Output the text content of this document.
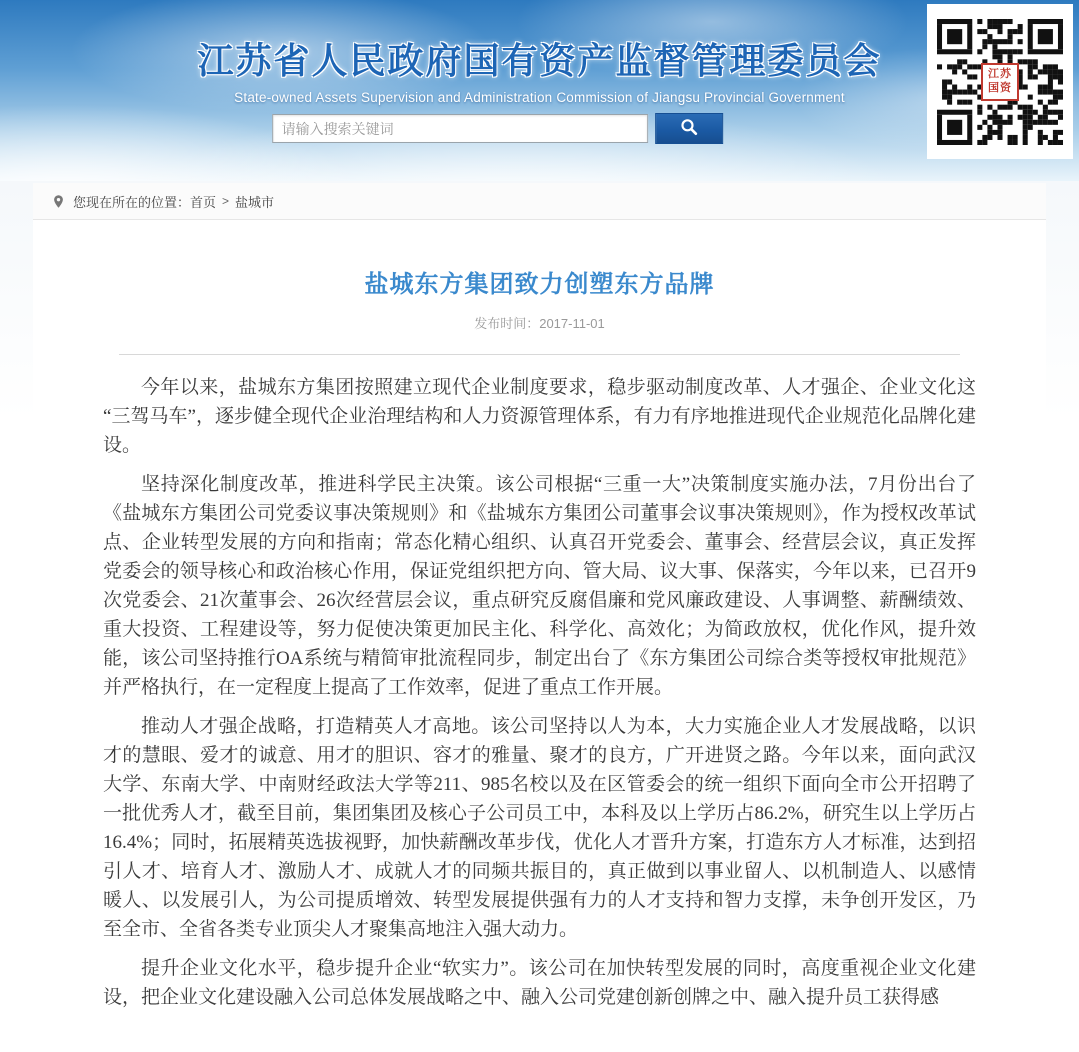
江苏省人民政府国有资产监督管理委员会
State-owned Assets Supervision and Administration Commission of Jiangsu Provincial Government
请输入搜索关键词
江苏国资
您现在所在的位置： 首页 > 盐城市
盐城东方集团致力创塑东方品牌
发布时间：2017-11-01

今年以来，盐城东方集团按照建立现代企业制度要求，稳步驱动制度改革、人才强企、企业文化这“三驾马车”，逐步健全现代企业治理结构和人力资源管理体系，有力有序地推进现代企业规范化品牌化建设。

坚持深化制度改革，推进科学民主决策。该公司根据“三重一大”决策制度实施办法，7月份出台了《盐城东方集团公司党委议事决策规则》和《盐城东方集团公司董事会议事决策规则》，作为授权改革试点、企业转型发展的方向和指南；常态化精心组织、认真召开党委会、董事会、经营层会议，真正发挥党委会的领导核心和政治核心作用，保证党组织把方向、管大局、议大事、保落实，今年以来，已召开9次党委会、21次董事会、26次经营层会议，重点研究反腐倡廉和党风廉政建设、人事调整、薪酬绩效、重大投资、工程建设等，努力促使决策更加民主化、科学化、高效化；为简政放权，优化作风，提升效能，该公司坚持推行OA系统与精简审批流程同步，制定出台了《东方集团公司综合类等授权审批规范》并严格执行，在一定程度上提高了工作效率，促进了重点工作开展。

推动人才强企战略，打造精英人才高地。该公司坚持以人为本，大力实施企业人才发展战略，以识才的慧眼、爱才的诚意、用才的胆识、容才的雅量、聚才的良方，广开进贤之路。今年以来，面向武汉大学、东南大学、中南财经政法大学等211、985名校以及在区管委会的统一组织下面向全市公开招聘了一批优秀人才，截至目前，集团集团及核心子公司员工中，本科及以上学历占86.2%，研究生以上学历占16.4%；同时，拓展精英选拔视野，加快薪酬改革步伐，优化人才晋升方案，打造东方人才标准，达到招引人才、培育人才、激励人才、成就人才的同频共振目的，真正做到以事业留人、以机制造人、以感情暖人、以发展引人，为公司提质增效、转型发展提供强有力的人才支持和智力支撑，未争创开发区，乃至全市、全省各类专业顶尖人才聚集高地注入强大动力。

提升企业文化水平，稳步提升企业“软实力”。该公司在加快转型发展的同时，高度重视企业文化建设，把企业文化建设融入公司总体发展战略之中、融入公司党建创新创牌之中、融入提升员工获得感
